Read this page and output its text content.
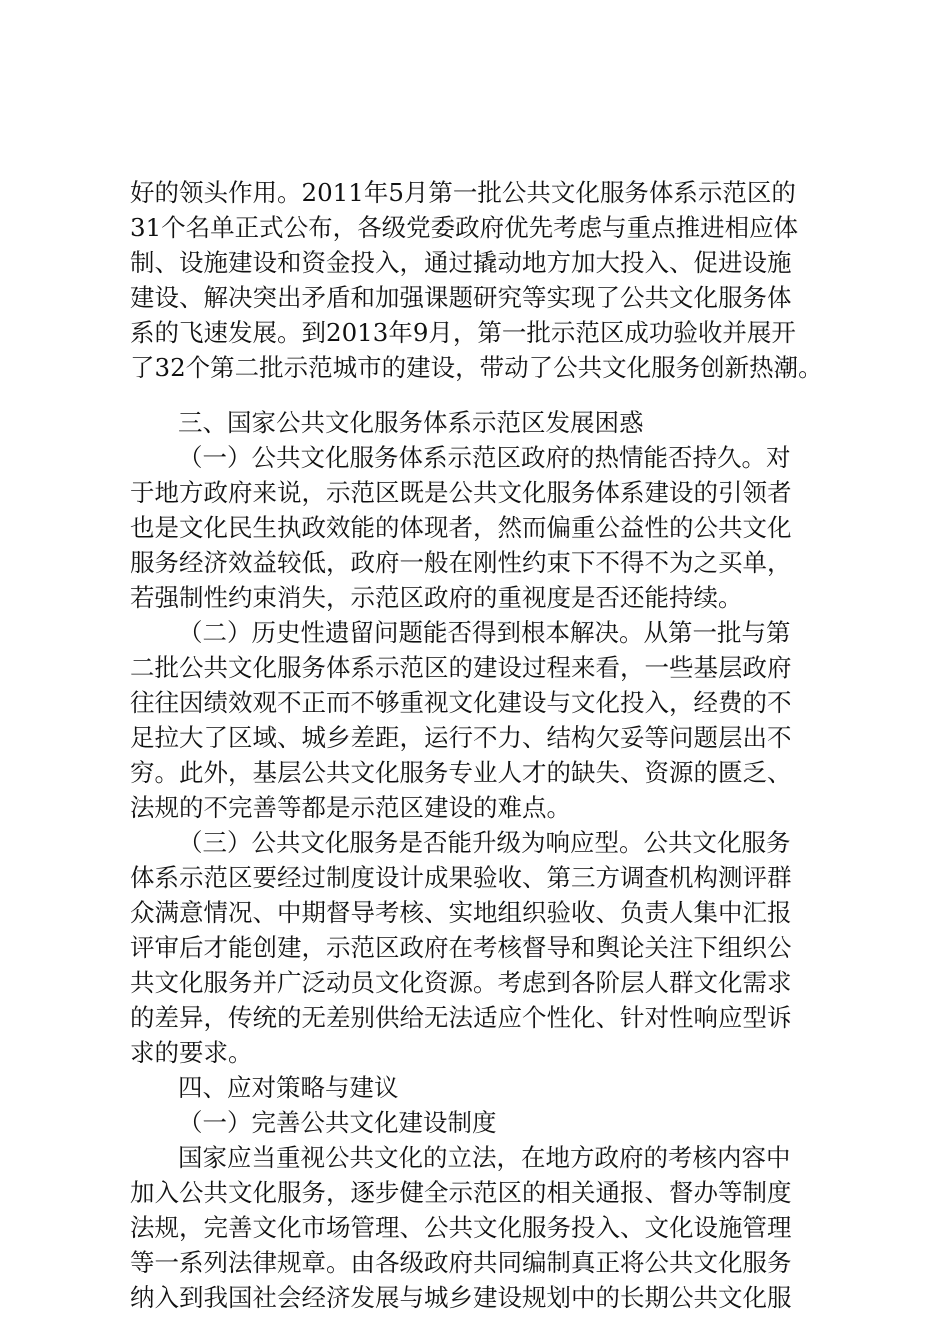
好的领头作用。2011年5月第一批公共文化服务体系示范区的

31个名单正式公布，各级党委政府优先考虑与重点推进相应体

制、设施建设和资金投入，通过撬动地方加大投入、促进设施

建设、解决突出矛盾和加强课题研究等实现了公共文化服务体

系的飞速发展。到2013年9月，第一批示范区成功验收并展开

了32个第二批示范城市的建设，带动了公共文化服务创新热潮。

三、国家公共文化服务体系示范区发展困惑

（一）公共文化服务体系示范区政府的热情能否持久。对

于地方政府来说，示范区既是公共文化服务体系建设的引领者

也是文化民生执政效能的体现者，然而偏重公益性的公共文化

服务经济效益较低，政府一般在刚性约束下不得不为之买单，

若强制性约束消失，示范区政府的重视度是否还能持续。

（二）历史性遗留问题能否得到根本解决。从第一批与第

二批公共文化服务体系示范区的建设过程来看，一些基层政府

往往因绩效观不正而不够重视文化建设与文化投入，经费的不

足拉大了区域、城乡差距，运行不力、结构欠妥等问题层出不

穷。此外，基层公共文化服务专业人才的缺失、资源的匮乏、

法规的不完善等都是示范区建设的难点。

（三）公共文化服务是否能升级为响应型。公共文化服务

体系示范区要经过制度设计成果验收、第三方调查机构测评群

众满意情况、中期督导考核、实地组织验收、负责人集中汇报

评审后才能创建，示范区政府在考核督导和舆论关注下组织公

共文化服务并广泛动员文化资源。考虑到各阶层人群文化需求

的差异，传统的无差别供给无法适应个性化、针对性响应型诉

求的要求。

四、应对策略与建议

（一）完善公共文化建设制度

国家应当重视公共文化的立法，在地方政府的考核内容中

加入公共文化服务，逐步健全示范区的相关通报、督办等制度

法规，完善文化市场管理、公共文化服务投入、文化设施管理

等一系列法律规章。由各级政府共同编制真正将公共文化服务

纳入到我国社会经济发展与城乡建设规划中的长期公共文化服
